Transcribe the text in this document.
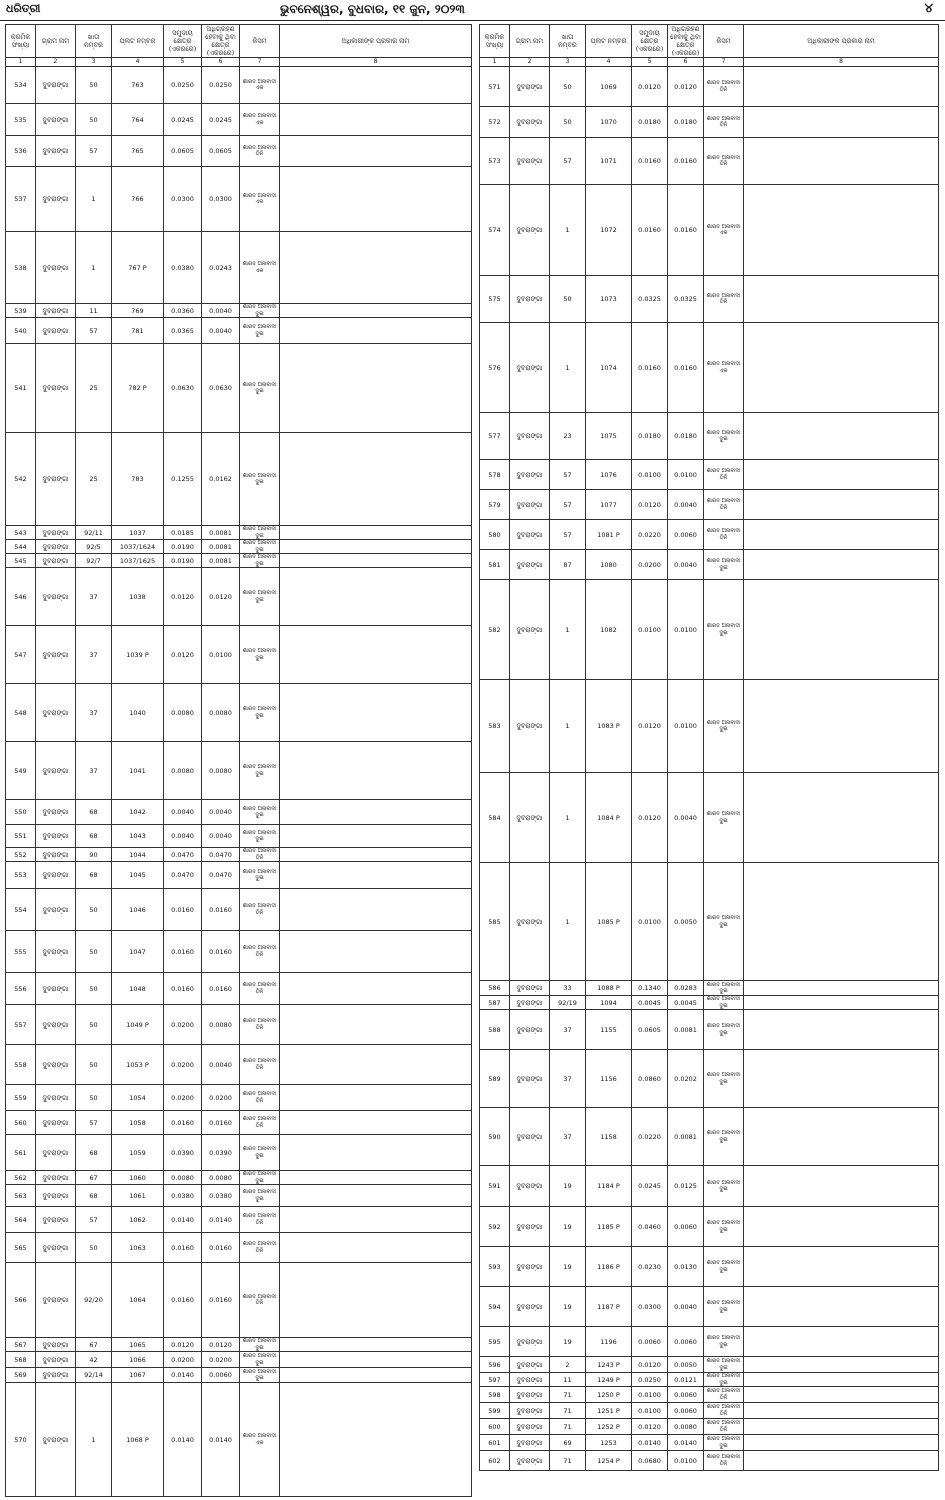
ଧରିତ୍ରୀ	ଭୁବନେଶ୍ୱର, ବୁଧବାର, ୧୧ ଜୁନ, ୨୦୨୩	୪
କ୍ରମିକ ସଂଖ୍ୟା	ଗ୍ରାମ ନାମ	ଖାତା ନମ୍ବର	ପ୍ଲଟ ନମ୍ବର	ସମୁଦାୟ କ୍ଷେତ୍ର (ଏକରରେ)	ଅଧିଗ୍ରହଣ ହେବାକୁ ଥିବା କ୍ଷେତ୍ର (ଏକରରେ)	କିସମ	ଅଧିକାରୀଙ୍କ ପ୍ରକାର ନାମ
1	2	3	4	5	6	7	8
534	ଦୁବରାଙ୍ଗା	50	763	0.0250	0.0250	ଶାରଦ ଅନାବାଦୀ ଏକ	
535	ଦୁବରାଙ୍ଗା	50	764	0.0245	0.0245	ଶାରଦ ଅନାବାଦୀ ଏକ	
536	ଦୁବରାଙ୍ଗା	57	765	0.0605	0.0605	ଶାରଦ ଅନାବାଦୀ ତିନି	
537	ଦୁବରାଙ୍ଗା	1	766	0.0300	0.0300	ଶାରଦ ଅନାବାଦୀ ଏକ	
538	ଦୁବରାଙ୍ଗା	1	767 P	0.0380	0.0243	ଶାରଦ ଅନାବାଦୀ ଏକ	
539	ଦୁବରାଙ୍ଗା	11	769	0.0360	0.0040	ଶାରଦ ଅନାବାଦୀ ଦୁଇ	
540	ଦୁବରାଙ୍ଗା	57	781	0.0365	0.0040	ଶାରଦ ଅନାବାଦୀ ଦୁଇ	
541	ଦୁବରାଙ୍ଗା	25	782 P	0.0630	0.0630	ଶାରଦ ଅନାବାଦୀ ଦୁଇ	
542	ଦୁବରାଙ୍ଗା	25	783	0.1255	0.0162	ଶାରଦ ଅନାବାଦୀ ଦୁଇ	
543	ଦୁବରାଙ୍ଗା	92/11	1037	0.0185	0.0081	ଶାରଦ ଅନାବାଦୀ ଦୁଇ	
544	ଦୁବରାଙ୍ଗା	92/5	1037/1624	0.0190	0.0081	ଶାରଦ ଅନାବାଦୀ ଦୁଇ	
545	ଦୁବରାଙ୍ଗା	92/7	1037/1625	0.0190	0.0081	ଶାରଦ ଅନାବାଦୀ ଦୁଇ	
546	ଦୁବରାଙ୍ଗା	37	1038	0.0120	0.0120	ଶାରଦ ଅନାବାଦୀ ଦୁଇ	
547	ଦୁବରାଙ୍ଗା	37	1039 P	0.0120	0.0100	ଶାରଦ ଅନାବାଦୀ ଦୁଇ	
548	ଦୁବରାଙ୍ଗା	37	1040	0.0080	0.0080	ଶାରଦ ଅନାବାଦୀ ଦୁଇ	
549	ଦୁବରାଙ୍ଗା	37	1041	0.0080	0.0080	ଶାରଦ ଅନାବାଦୀ ଦୁଇ	
550	ଦୁବରାଙ୍ଗା	68	1042	0.0040	0.0040	ଶାରଦ ଅନାବାଦୀ ଦୁଇ	
551	ଦୁବରାଙ୍ଗା	68	1043	0.0040	0.0040	ଶାରଦ ଅନାବାଦୀ ଦୁଇ	
552	ଦୁବରାଙ୍ଗା	90	1044	0.0470	0.0470	ଶାରଦ ଅନାବାଦୀ ତିନି	
553	ଦୁବରାଙ୍ଗା	68	1045	0.0470	0.0470	ଶାରଦ ଅନାବାଦୀ ଦୁଇ	
554	ଦୁବରାଙ୍ଗା	50	1046	0.0160	0.0160	ଶାରଦ ଅନାବାଦୀ ତିନି	
555	ଦୁବରାଙ୍ଗା	50	1047	0.0160	0.0160	ଶାରଦ ଅନାବାଦୀ ତିନି	
556	ଦୁବରାଙ୍ଗା	50	1048	0.0160	0.0160	ଶାରଦ ଅନାବାଦୀ ତିନି	
557	ଦୁବରାଙ୍ଗା	50	1049 P	0.0200	0.0080	ଶାରଦ ଅନାବାଦୀ ତିନି	
558	ଦୁବରାଙ୍ଗା	50	1053 P	0.0200	0.0040	ଶାରଦ ଅନାବାଦୀ ତିନି	
559	ଦୁବରାଙ୍ଗା	50	1054	0.0200	0.0200	ଶାରଦ ଅନାବାଦୀ ତିନି	
560	ଦୁବରାଙ୍ଗା	57	1058	0.0160	0.0160	ଶାରଦ ଅନାବାଦୀ ତିନି	
561	ଦୁବରାଙ୍ଗା	68	1059	0.0390	0.0390	ଶାରଦ ଅନାବାଦୀ ଦୁଇ	
562	ଦୁବରାଙ୍ଗା	67	1060	0.0080	0.0080	ଶାରଦ ଅନାବାଦୀ ଦୁଇ	
563	ଦୁବରାଙ୍ଗା	68	1061	0.0380	0.0380	ଶାରଦ ଅନାବାଦୀ ଦୁଇ	
564	ଦୁବରାଙ୍ଗା	57	1062	0.0140	0.0140	ଶାରଦ ଅନାବାଦୀ ତିନି	
565	ଦୁବରାଙ୍ଗା	50	1063	0.0160	0.0160	ଶାରଦ ଅନାବାଦୀ ତିନି	
566	ଦୁବରାଙ୍ଗା	92/20	1064	0.0160	0.0160	ଶାରଦ ଅନାବାଦୀ ତିନି	
567	ଦୁବରାଙ୍ଗା	67	1065	0.0120	0.0120	ଶାରଦ ଅନାବାଦୀ ଦୁଇ	
568	ଦୁବରାଙ୍ଗା	42	1066	0.0200	0.0200	ଶାରଦ ଅନାବାଦୀ ଦୁଇ	
569	ଦୁବରାଙ୍ଗା	92/14	1067	0.0140	0.0060	ଶାରଦ ଅନାବାଦୀ ଦୁଇ	
570	ଦୁବରାଙ୍ଗା	1	1068 P	0.0140	0.0140	ଶାରଦ ଅନାବାଦୀ ଏକ	
କ୍ରମିକ ସଂଖ୍ୟା	ଗ୍ରାମ ନାମ	ଖାତା ନମ୍ବର	ପ୍ଲଟ ନମ୍ବର	ସମୁଦାୟ କ୍ଷେତ୍ର (ଏକରରେ)	ଅଧିଗ୍ରହଣ ହେବାକୁ ଥିବା କ୍ଷେତ୍ର (ଏକରରେ)	କିସମ	ଅଧିକାରୀଙ୍କ ପ୍ରକାର ନାମ
1	2	3	4	5	6	7	8
571	ଦୁବରାଙ୍ଗା	50	1069	0.0120	0.0120	ଶାରଦ ଅନାବାଦୀ ତିନି	
572	ଦୁବରାଙ୍ଗା	50	1070	0.0180	0.0180	ଶାରଦ ଅନାବାଦୀ ତିନି	
573	ଦୁବରାଙ୍ଗା	57	1071	0.0160	0.0160	ଶାରଦ ଅନାବାଦୀ ତିନି	
574	ଦୁବରାଙ୍ଗା	1	1072	0.0160	0.0160	ଶାରଦ ଅନାବାଦୀ ଏକ	
575	ଦୁବରାଙ୍ଗା	50	1073	0.0325	0.0325	ଶାରଦ ଅନାବାଦୀ ତିନି	
576	ଦୁବରାଙ୍ଗା	1	1074	0.0160	0.0160	ଶାରଦ ଅନାବାଦୀ ଏକ	
577	ଦୁବରାଙ୍ଗା	23	1075	0.0180	0.0180	ଶାରଦ ଅନାବାଦୀ ଦୁଇ	
578	ଦୁବରାଙ୍ଗା	57	1076	0.0100	0.0100	ଶାରଦ ଅନାବାଦୀ ତିନି	
579	ଦୁବରାଙ୍ଗା	57	1077	0.0120	0.0040	ଶାରଦ ଅନାବାଦୀ ତିନି	
580	ଦୁବରାଙ୍ଗା	57	1081 P	0.0220	0.0060	ଶାରଦ ଅନାବାଦୀ ତିନି	
581	ଦୁବରାଙ୍ଗା	87	1080	0.0200	0.0040	ଶାରଦ ଅନାବାଦୀ ଦୁଇ	
582	ଦୁବରାଙ୍ଗା	1	1082	0.0100	0.0100	ଶାରଦ ଅନାବାଦୀ ଦୁଇ	
583	ଦୁବରାଙ୍ଗା	1	1083 P	0.0120	0.0100	ଶାରଦ ଅନାବାଦୀ ଦୁଇ	
584	ଦୁବରାଙ୍ଗା	1	1084 P	0.0120	0.0040	ଶାରଦ ଅନାବାଦୀ ଦୁଇ	
585	ଦୁବରାଙ୍ଗା	1	1085 P	0.0100	0.0050	ଶାରଦ ଅନାବାଦୀ ଦୁଇ	
586	ଦୁବରାଙ୍ଗା	33	1088 P	0.1340	0.0283	ଶାରଦ ଅନାବାଦୀ ଦୁଇ	
587	ଦୁବରାଙ୍ଗା	92/19	1094	0.0045	0.0045	ଶାରଦ ଅନାବାଦୀ ଦୁଇ	
588	ଦୁବରାଙ୍ଗା	37	1155	0.0605	0.0081	ଶାରଦ ଅନାବାଦୀ ଦୁଇ	
589	ଦୁବରାଙ୍ଗା	37	1156	0.0860	0.0202	ଶାରଦ ଅନାବାଦୀ ଦୁଇ	
590	ଦୁବରାଙ୍ଗା	37	1158	0.0220	0.0081	ଶାରଦ ଅନାବାଦୀ ଦୁଇ	
591	ଦୁବରାଙ୍ଗା	19	1184 P	0.0245	0.0125	ଶାରଦ ଅନାବାଦୀ ଦୁଇ	
592	ଦୁବରାଙ୍ଗା	19	1185 P	0.0460	0.0060	ଶାରଦ ଅନାବାଦୀ ଦୁଇ	
593	ଦୁବରାଙ୍ଗା	19	1186 P	0.0230	0.0130	ଶାରଦ ଅନାବାଦୀ ଦୁଇ	
594	ଦୁବରାଙ୍ଗା	19	1187 P	0.0300	0.0040	ଶାରଦ ଅନାବାଦୀ ଦୁଇ	
595	ଦୁବରାଙ୍ଗା	19	1196	0.0060	0.0060	ଶାରଦ ଅନାବାଦୀ ଦୁଇ	
596	ଦୁବରାଙ୍ଗା	2	1243 P	0.0120	0.0050	ଶାରଦ ଅନାବାଦୀ ଦୁଇ	
597	ଦୁବରାଙ୍ଗା	11	1249 P	0.0250	0.0121	ଶାରଦ ଅନାବାଦୀ ଦୁଇ	
598	ଦୁବରାଙ୍ଗା	71	1250 P	0.0100	0.0060	ଶାରଦ ଅନାବାଦୀ ତିନି	
599	ଦୁବରାଙ୍ଗା	71	1251 P	0.0100	0.0060	ଶାରଦ ଅନାବାଦୀ ତିନି	
600	ଦୁବରାଙ୍ଗା	71	1252 P	0.0120	0.0080	ଶାରଦ ଅନାବାଦୀ ତିନି	
601	ଦୁବରାଙ୍ଗା	69	1253	0.0140	0.0140	ଶାରଦ ଅନାବାଦୀ ଦୁଇ	
602	ଦୁବରାଙ୍ଗା	71	1254 P	0.0680	0.0100	ଶାରଦ ଅନାବାଦୀ ତିନି	
